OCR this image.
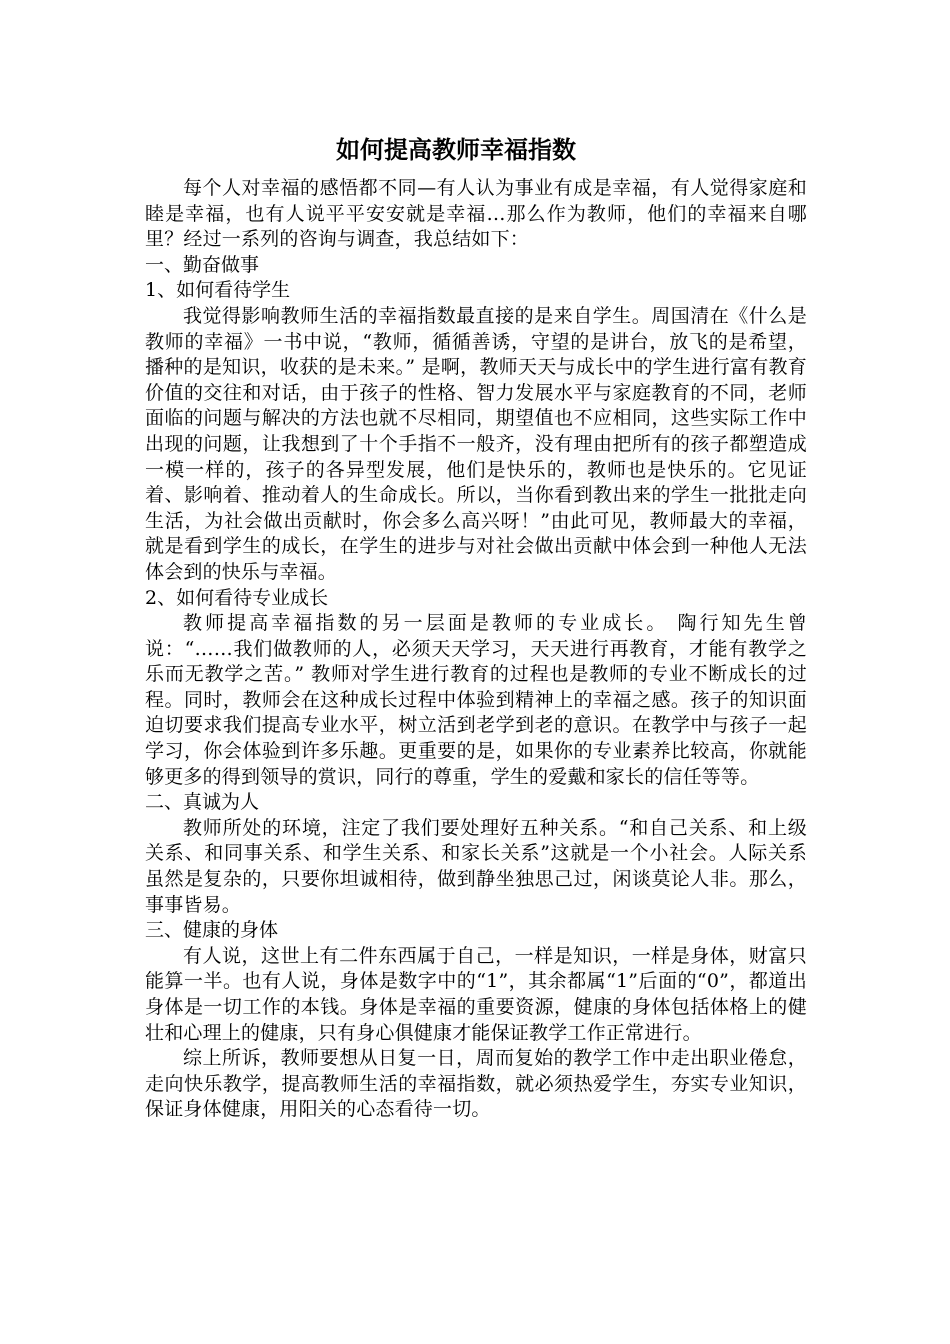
如何提高教师幸福指数

每个人对幸福的感悟都不同—有人认为事业有成是幸福，有人觉得家庭和睦是幸福，也有人说平平安安就是幸福…那么作为教师，他们的幸福来自哪里？经过一系列的咨询与调查，我总结如下：

一、勤奋做事

1、如何看待学生

我觉得影响教师生活的幸福指数最直接的是来自学生。周国清在《什么是教师的幸福》一书中说，“教师，循循善诱，守望的是讲台，放飞的是希望，播种的是知识，收获的是未来。” 是啊，教师天天与成长中的学生进行富有教育价值的交往和对话，由于孩子的性格、智力发展水平与家庭教育的不同，老师面临的问题与解决的方法也就不尽相同，期望值也不应相同，这些实际工作中出现的问题，让我想到了十个手指不一般齐，没有理由把所有的孩子都塑造成一模一样的，孩子的各异型发展，他们是快乐的，教师也是快乐的。它见证着、影响着、推动着人的生命成长。所以，当你看到教出来的学生一批批走向生活，为社会做出贡献时，你会多么高兴呀！”由此可见，教师最大的幸福，就是看到学生的成长，在学生的进步与对社会做出贡献中体会到一种他人无法体会到的快乐与幸福。

2、如何看待专业成长

教师提高幸福指数的另一层面是教师的专业成长。 陶行知先生曾说：“……我们做教师的人，必须天天学习，天天进行再教育，才能有教学之乐而无教学之苦。” 教师对学生进行教育的过程也是教师的专业不断成长的过程。同时，教师会在这种成长过程中体验到精神上的幸福之感。孩子的知识面迫切要求我们提高专业水平，树立活到老学到老的意识。在教学中与孩子一起学习，你会体验到许多乐趣。更重要的是，如果你的专业素养比较高，你就能够更多的得到领导的赏识，同行的尊重，学生的爱戴和家长的信任等等。

二、真诚为人

教师所处的环境，注定了我们要处理好五种关系。“和自己关系、和上级关系、和同事关系、和学生关系、和家长关系”这就是一个小社会。人际关系虽然是复杂的，只要你坦诚相待，做到静坐独思己过，闲谈莫论人非。那么，事事皆易。

三、健康的身体

有人说，这世上有二件东西属于自己，一样是知识，一样是身体，财富只能算一半。也有人说，身体是数字中的“1”，其余都属“1”后面的“0”，都道出身体是一切工作的本钱。身体是幸福的重要资源，健康的身体包括体格上的健壮和心理上的健康，只有身心俱健康才能保证教学工作正常进行。

综上所诉，教师要想从日复一日，周而复始的教学工作中走出职业倦怠，走向快乐教学，提高教师生活的幸福指数，就必须热爱学生，夯实专业知识，保证身体健康，用阳关的心态看待一切。
